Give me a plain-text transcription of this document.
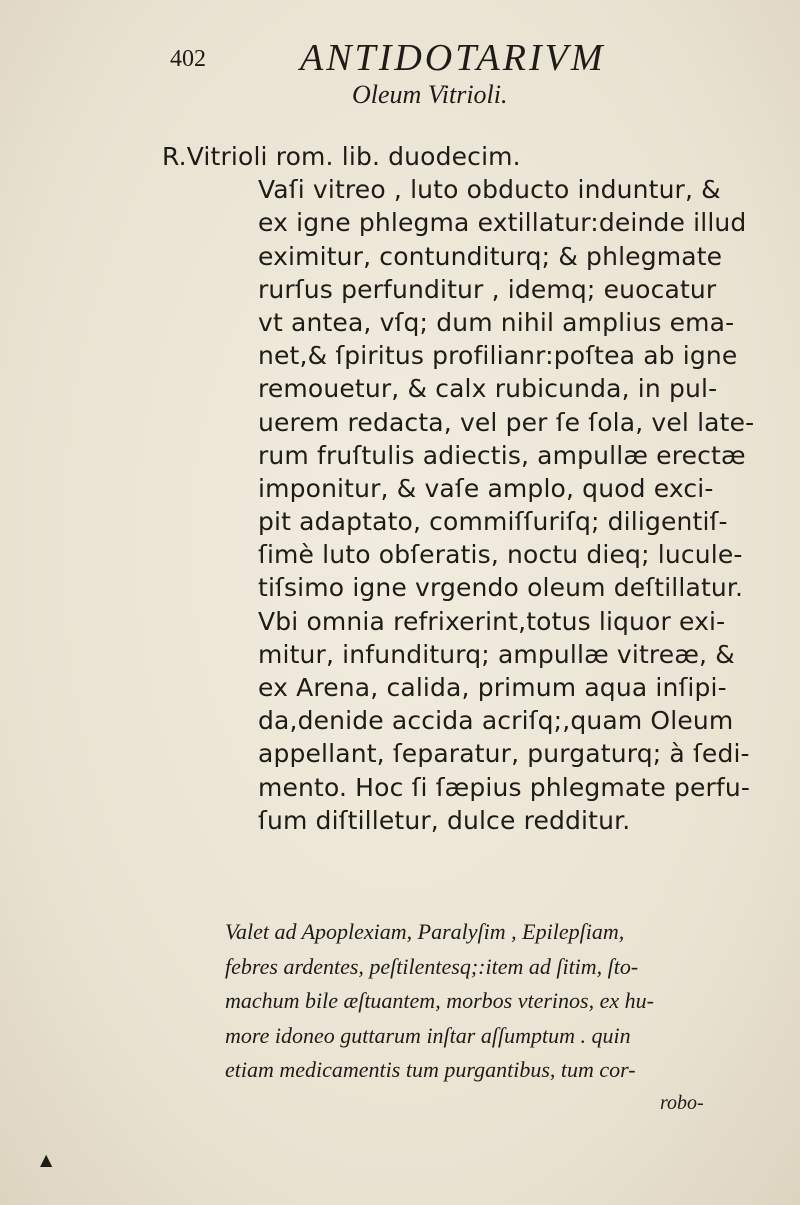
402 ANTIDOTARIVM
Oleum Vitrioli.
R.Vitrioli rom. lib. duodecim.
Vaſi vitreo , luto obducto induntur, &
ex igne phlegma extillatur:deinde illud
eximitur, contunditurq; & phlegmate
rurſus perfunditur , idemq; euocatur
vt antea, vſq; dum nihil amplius ema-
net,& ſpiritus profilianr:poſtea ab igne
remouetur, & calx rubicunda, in pul-
uerem redacta, vel per ſe ſola, vel late-
rum fruſtulis adiectis, ampullæ erectæ
imponitur, & vaſe amplo, quod exci-
pit adaptato, commiſſuriſq; diligentiſ-
ſimè luto obſeratis, noctu dieq; lucule-
tiſsimo igne vrgendo oleum deſtillatur.
Vbi omnia refrixerint,totus liquor exi-
mitur, infunditurq; ampullæ vitreæ, &
ex Arena, calida, primum aqua inſipi-
da,denide accida acriſq;,quam Oleum
appellant, ſeparatur, purgaturq; à ſedi-
mento. Hoc ſi ſæpius phlegmate perfu-
ſum diſtilletur, dulce redditur.
Valet ad Apoplexiam, Paralyſim , Epilepſiam,
febres ardentes, peſtilentesq;:item ad ſitim, ſto-
machum bile æſtuantem, morbos vterinos, ex hu-
more idoneo guttarum inſtar aſſumptum . quin
etiam medicamentis tum purgantibus, tum cor-
robo-
▲
